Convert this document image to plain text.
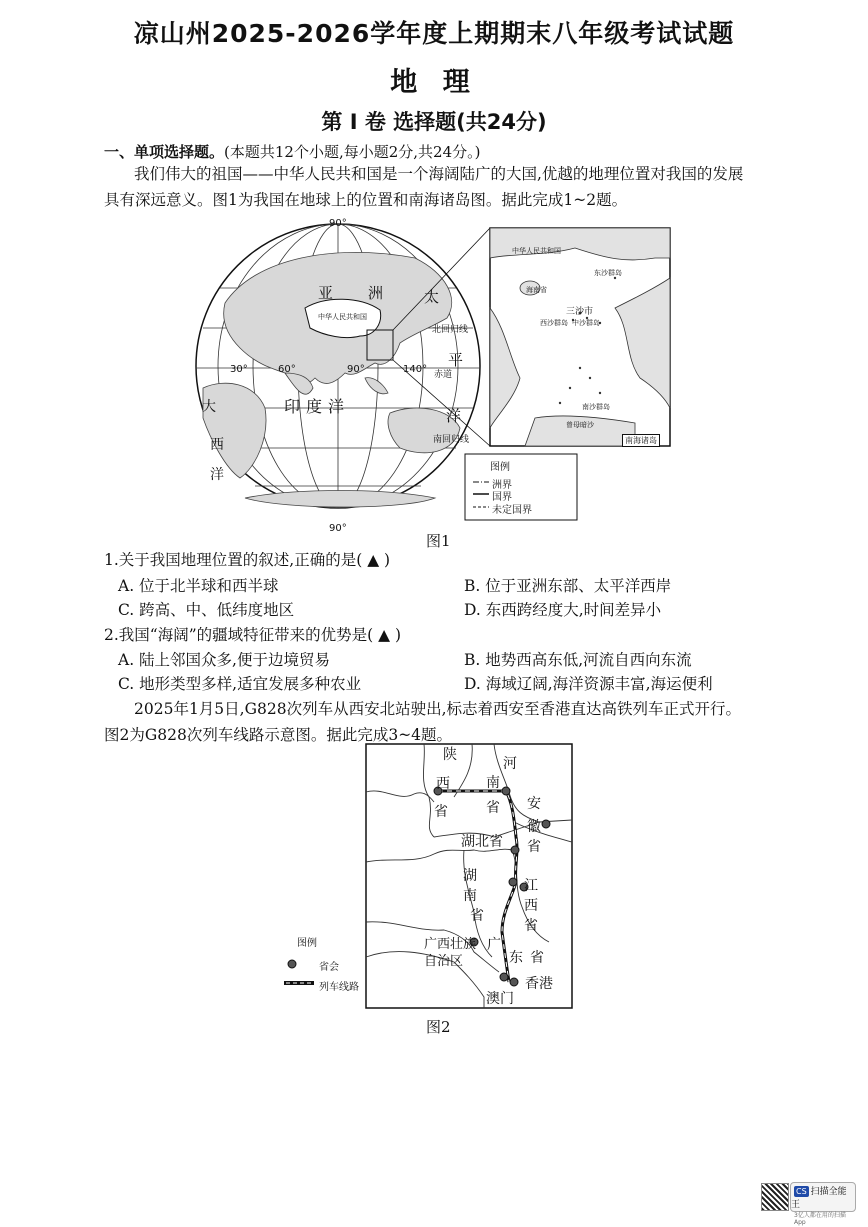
凉山州2025-2026学年度上期期末八年级考试试题
地 理
第 Ⅰ 卷 选择题(共24分)
一、单项选择题。(本题共12个小题,每小题2分,共24分。)
我们伟大的祖国——中华人民共和国是一个海阔陆广的大国,优越的地理位置对我国的发展具有深远意义。图1为我国在地球上的位置和南海诸岛图。据此完成1~2题。
90°
90°
30°	60°	90°	140°
亚 洲	太
平
洋
印度洋
大
西
洋
中华人民共和国
北回归线
赤道
南回归线
中华人民共和国
海南省
三沙市
西沙群岛 中沙群岛
南沙群岛
曾母暗沙
东沙群岛
南海诸岛
图例
洲界
国界
未定国界
图1
1.关于我国地理位置的叙述,正确的是( ▲ )
A. 位于北半球和西半球	B. 位于亚洲东部、太平洋西岸
C. 跨高、中、低纬度地区	D. 东西跨经度大,时间差异小
2.我国“海阔”的疆域特征带来的优势是( ▲ )
A. 陆上邻国众多,便于边境贸易	B. 地势西高东低,河流自西向东流
C. 地形类型多样,适宜发展多种农业	D. 海域辽阔,海洋资源丰富,海运便利
2025年1月5日,G828次列车从西安北站驶出,标志着西安至香港直达高铁列车正式开行。图2为G828次列车线路示意图。据此完成3~4题。
陕
西
省
河
南
省 安
徽
省
湖北省
湖
南
省
江
西
省
广西壮族
自治区
广
东 省
香港
澳门
图例
省会
列车线路
图2
CS 扫描全能王
3亿人都在用的扫描App
